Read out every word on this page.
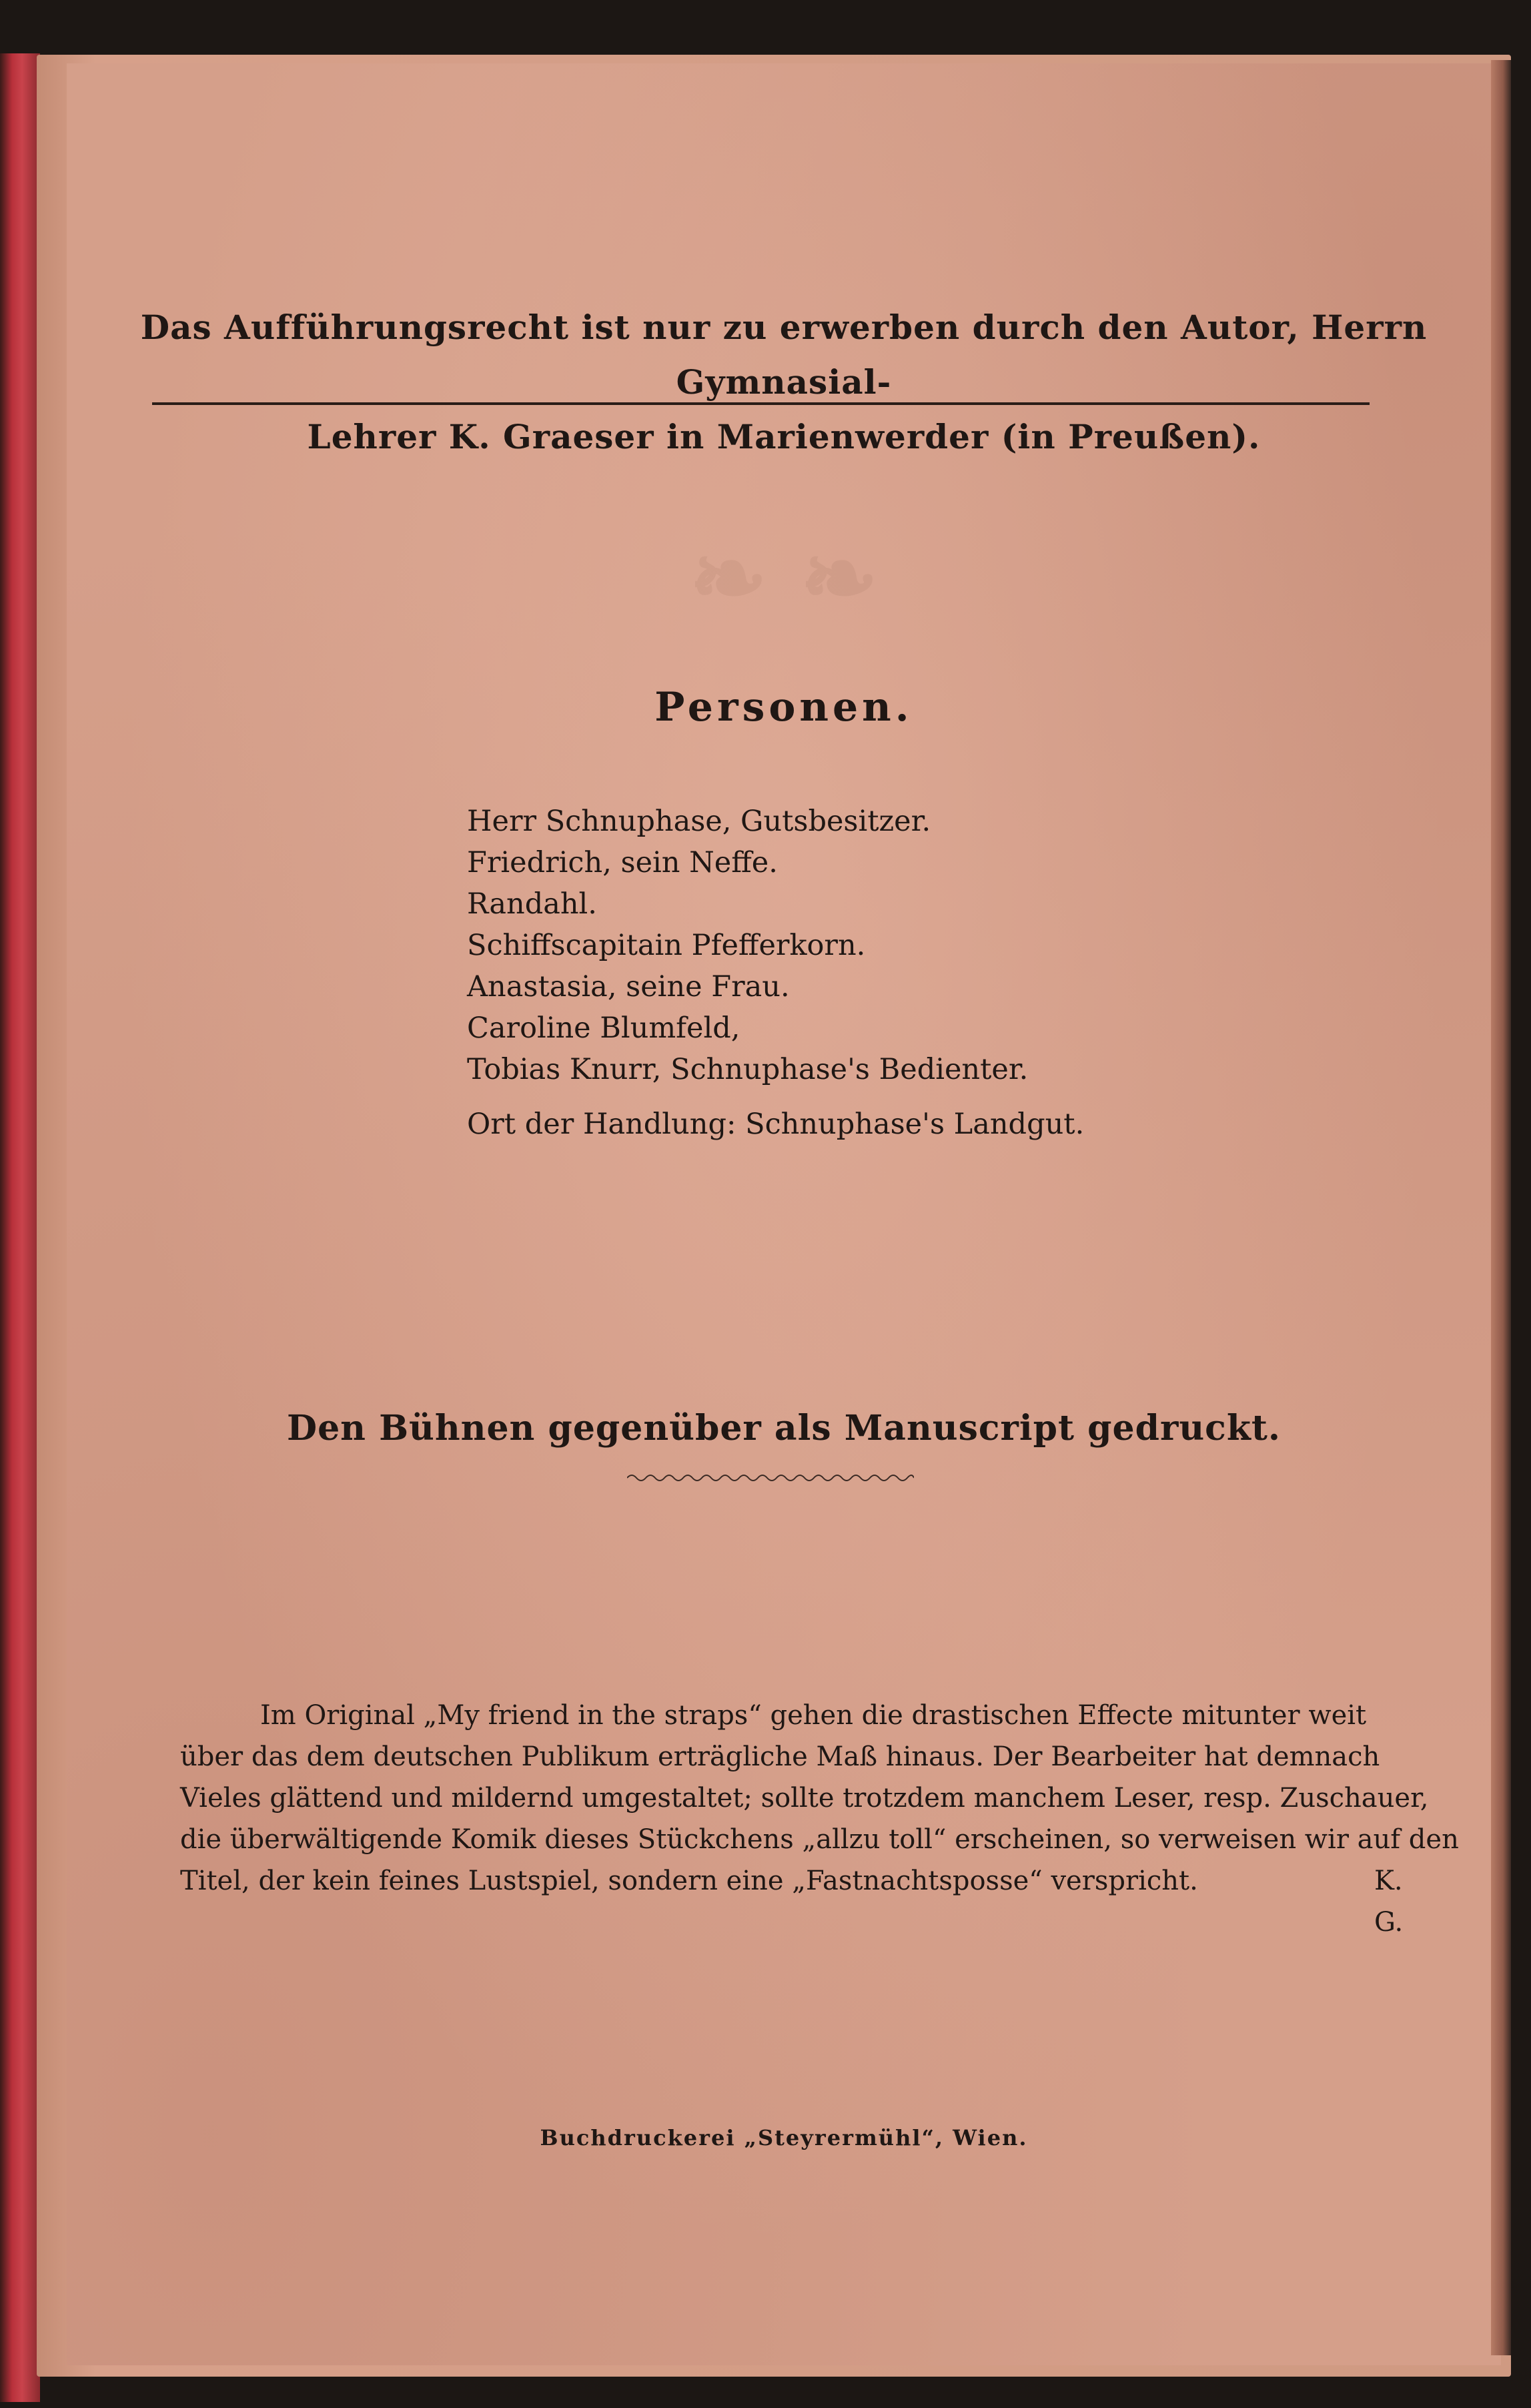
❧ ❧
Das Aufführungsrecht ist nur zu erwerben durch den Autor, Herrn Gymnasial-
Lehrer K. Graeser in Marienwerder (in Preußen).
Personen.
Herr Schnuphase, Gutsbesitzer.
Friedrich, sein Neffe.
Randahl.
Schiffscapitain Pfefferkorn.
Anastasia, seine Frau.
Caroline Blumfeld,
Tobias Knurr, Schnuphase's Bedienter.
Ort der Handlung: Schnuphase's Landgut.
Den Bühnen gegenüber als Manuscript gedruckt.
Im Original „My friend in the straps“ gehen die drastischen Effecte mitunter weit
über das dem deutschen Publikum erträgliche Maß hinaus. Der Bearbeiter hat demnach
Vieles glättend und mildernd umgestaltet; sollte trotzdem manchem Leser, resp. Zuschauer,
die überwältigende Komik dieses Stückchens „allzu toll“ erscheinen, so verweisen wir auf den
Titel, der kein feines Lustspiel, sondern eine „Fastnachtsposse“ verspricht.	K. G.
Buchdruckerei „Steyrermühl“, Wien.
